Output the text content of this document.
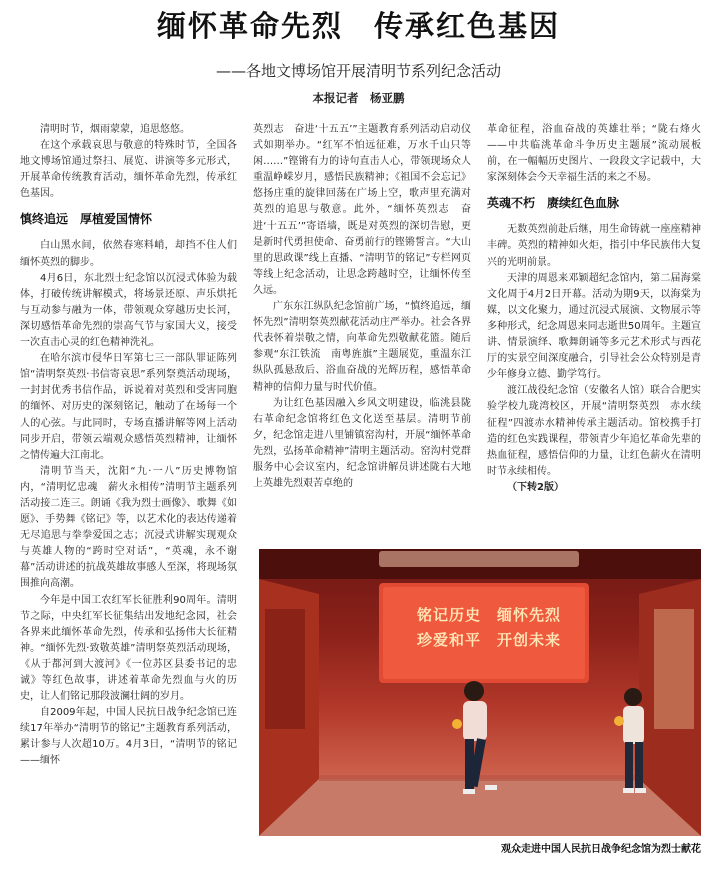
缅怀革命先烈　传承红色基因
——各地文博场馆开展清明节系列纪念活动
本报记者　杨亚鹏

清明时节，烟雨蒙蒙，追思悠悠。

在这个承载哀思与敬意的特殊时节，全国各地文博场馆通过祭扫、展览、讲演等多元形式，开展革命传统教育活动，缅怀革命先烈，传承红色基因。

慎终追远　厚植爱国情怀

白山黑水间，依然春寒料峭，却挡不住人们缅怀英烈的脚步。

4月6日，东北烈士纪念馆以沉浸式体验为载体，打破传统讲解模式，将场景还原、声乐烘托与互动参与融为一体，带领观众穿越历史长河，深切感悟革命先烈的崇高气节与家国大义，接受一次直击心灵的红色精神洗礼。

在哈尔滨市侵华日军第七三一部队罪证陈列馆“清明祭英烈·书信寄哀思”系列祭奠活动现场，一封封优秀书信作品，诉说着对英烈和受害同胞的缅怀、对历史的深刻铭记，触动了在场每一个人的心弦。与此同时，专场直播讲解等网上活动同步开启，带领云端观众感悟英烈精神，让缅怀之情传遍大江南北。

清明节当天，沈阳“九·一八”历史博物馆内，“清明忆忠魂　薪火永相传”清明节主题系列活动接二连三。朗诵《我为烈士画像》、歌舞《如愿》、手势舞《铭记》等，以艺术化的表达传递着无尽追思与拳拳爱国之志；沉浸式讲解实现观众与英雄人物的“跨时空对话”，“英魂，永不谢幕”活动讲述的抗战英雄故事感人至深，将现场氛围推向高潮。

今年是中国工农红军长征胜利90周年。清明节之际，中央红军长征集结出发地纪念园，社会各界来此缅怀革命先烈，传承和弘扬伟大长征精神。“缅怀先烈·致敬英雄”清明祭英烈活动现场，《从于都河到大渡河》《一位苏区县委书记的忠诚》等红色故事，讲述着革命先烈血与火的历史，让人们铭记那段波澜壮阔的岁月。

自2009年起，中国人民抗日战争纪念馆已连续17年举办“清明节的铭记”主题教育系列活动，累计参与人次超10万。4月3日，“清明节的铭记——缅怀

英烈志　奋进‘十五五’”主题教育系列活动启动仪式如期举办。“红军不怕远征难，万水千山只等闲……”铿锵有力的诗句直击人心，带领现场众人重温峥嵘岁月，感悟民族精神；《祖国不会忘记》悠扬庄重的旋律回荡在广场上空，歌声里充满对英烈的追思与敬意。此外，“缅怀英烈志　奋进‘十五五’”寄语墙，既是对英烈的深切告慰，更是新时代勇担使命、奋勇前行的铿锵誓言。“大山里的思政课”线上直播、“清明节的铭记”专栏网页等线上纪念活动，让思念跨越时空，让缅怀传至久远。

广东东江纵队纪念馆前广场，“慎终追远，缅怀先烈”清明祭英烈献花活动庄严举办。社会各界代表怀着崇敬之情，向革命先烈敬献花篮。随后参观“东江铁流　南粤旌旗”主题展览，重温东江纵队孤悬敌后、浴血奋战的光辉历程，感悟革命精神的信仰力量与时代价值。

为让红色基因融入乡风文明建设，临洮县陇右革命纪念馆将红色文化送至基层。清明节前夕，纪念馆走进八里铺镇窑沟村，开展“缅怀革命先烈，弘扬革命精神”清明主题活动。窑沟村党群服务中心会议室内，纪念馆讲解员讲述陇右大地上英雄先烈艰苦卓绝的

革命征程，浴血奋战的英雄壮举；“陇右烽火——中共临洮革命斗争历史主题展”流动展板前，在一幅幅历史图片、一段段文字记载中，大家深刻体会今天幸福生活的来之不易。

英魂不朽　赓续红色血脉

无数英烈前赴后继，用生命铸就一座座精神丰碑。英烈的精神如火炬，指引中华民族伟大复兴的光明前景。

天津的周恩来邓颖超纪念馆内，第二届海棠文化周于4月2日开幕。活动为期9天，以海棠为媒，以文化聚力，通过沉浸式展演、文物展示等多种形式，纪念周恩来同志逝世50周年。主题宣讲、情景演绎、歌舞朗诵等多元艺术形式与西花厅的实景空间深度融合，引导社会公众特别是青少年修身立德、勤学笃行。

渡江战役纪念馆（安徽名人馆）联合合肥实验学校九珑湾校区，开展“清明祭英烈　赤水续征程”四渡赤水精神传承主题活动。馆校携手打造的红色实践课程，带领青少年追忆革命先辈的热血征程，感悟信仰的力量，让红色薪火在清明时节永续相传。

（下转2版）

铭记历史　缅怀先烈
珍爱和平　开创未来
观众走进中国人民抗日战争纪念馆为烈士献花
